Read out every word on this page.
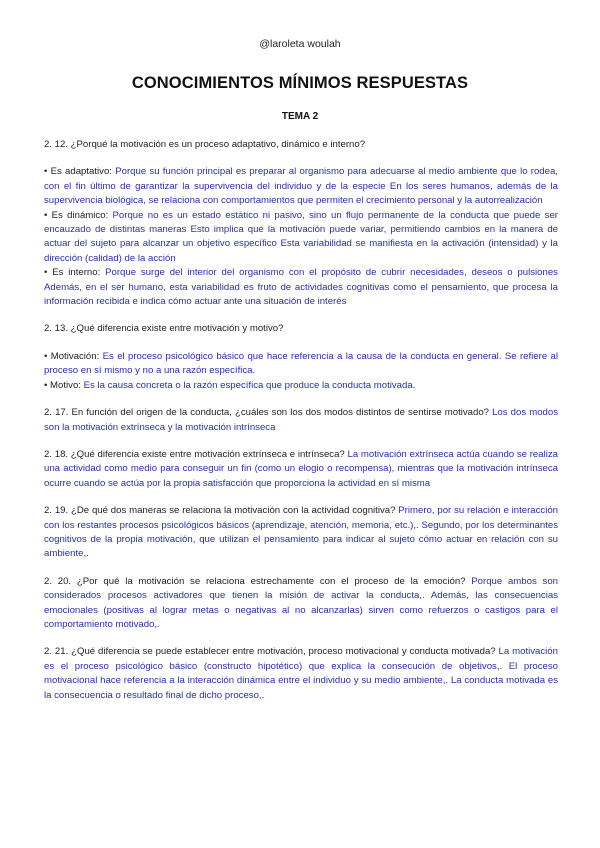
@laroleta woulah
CONOCIMIENTOS MÍNIMOS RESPUESTAS
TEMA 2

2. 12. ¿Porqué la motivación es un proceso adaptativo, dinámico e interno?

• Es adaptativo: Porque su función principal es preparar al organismo para adecuarse al medio ambiente que lo rodea, con el fin último de garantizar la supervivencia del individuo y de la especie En los seres humanos, además de la supervivencia biológica, se relaciona con comportamientos que permiten el crecimiento personal y la autorrealización

• Es dinámico: Porque no es un estado estático ni pasivo, sino un flujo permanente de la conducta que puede ser encauzado de distintas maneras Esto implica que la motivación puede variar, permitiendo cambios en la manera de actuar del sujeto para alcanzar un objetivo específico Esta variabilidad se manifiesta en la activación (intensidad) y la dirección (calidad) de la acción

• Es interno: Porque surge del interior del organismo con el propósito de cubrir necesidades, deseos o pulsiones Además, en el ser humano, esta variabilidad es fruto de actividades cognitivas como el pensamiento, que procesa la información recibida e indica cómo actuar ante una situación de interés

2. 13. ¿Qué diferencia existe entre motivación y motivo?

• Motivación: Es el proceso psicológico básico que hace referencia a la causa de la conducta en general. Se refiere al proceso en sí mismo y no a una razón específica.

• Motivo: Es la causa concreta o la razón específica que produce la conducta motivada.

2. 17. En función del origen de la conducta, ¿cuáles son los dos modos distintos de sentirse motivado? Los dos modos son la motivación extrínseca y la motivación intrínseca

2. 18. ¿Qué diferencia existe entre motivación extrínseca e intrínseca? La motivación extrínseca actúa cuando se realiza una actividad como medio para conseguir un fin (como un elogio o recompensa), mientras que la motivación intrínseca ocurre cuando se actúa por la propia satisfacción que proporciona la actividad en sí misma

2. 19. ¿De qué dos maneras se relaciona la motivación con la actividad cognitiva? Primero, por su relación e interacción con los restantes procesos psicológicos básicos (aprendizaje, atención, memoria, etc.),. Segundo, por los determinantes cognitivos de la propia motivación, que utilizan el pensamiento para indicar al sujeto cómo actuar en relación con su ambiente,.

2. 20. ¿Por qué la motivación se relaciona estrechamente con el proceso de la emoción? Porque ambos son considerados procesos activadores que tienen la misión de activar la conducta,. Además, las consecuencias emocionales (positivas al lograr metas o negativas al no alcanzarlas) sirven como refuerzos o castigos para el comportamiento motivado,.

2. 21. ¿Qué diferencia se puede establecer entre motivación, proceso motivacional y conducta motivada? La motivación es el proceso psicológico básico (constructo hipotético) que explica la consecución de objetivos,. El proceso motivacional hace referencia a la interacción dinámica entre el individuo y su medio ambiente,. La conducta motivada es la consecuencia o resultado final de dicho proceso,.
